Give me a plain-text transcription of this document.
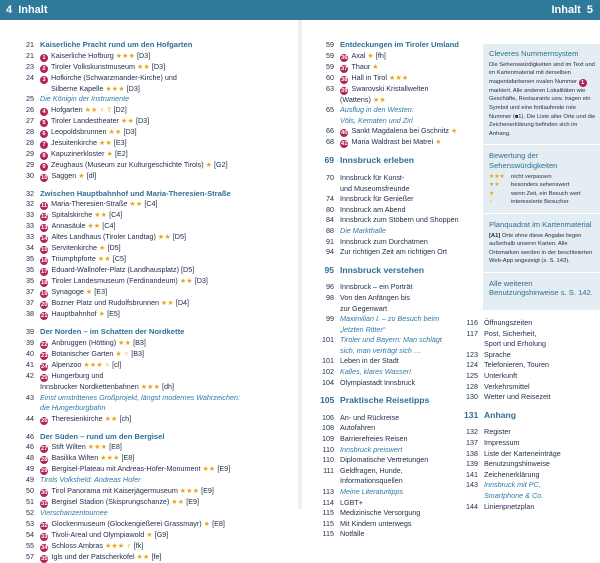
4 Inhalt	Inhalt 5
21 Kaiserliche Pracht rund um den Hofgarten
21	1 Kaiserliche Hofburg ★★★ [D3]
23	2 Tiroler Volkskunstmuseum ★★ [D3]
24	3 Hofkirche (Schwarzmander-Kirche) und
Silberne Kapelle ★★★ [D3]
25 Die Königin der Instrumente
26	4 Hofgarten ★★ ♀ ☦ [D2]
27	5 Tiroler Landestheater ★★ [D3]
28	6 Leopoldsbrunnen ★★ [D3]
28	7 Jesuitenkirche ★★ [E3]
29	8 Kapuzinerkloster ★ [E2]
29	9 Zeughaus (Museum zur Kulturgeschichte Tirols) ★ [G2]
30 10 Saggen ★ [dl]
32 Zwischen Hauptbahnhof und Maria-Theresien-Straße
32 11 Maria-Theresien-Straße ★★ [C4]
33 12 Spitalskirche ★★ [C4]
33 13 Annasäule ★★ [C4]
33 14 Altes Landhaus (Tiroler Landtag) ★★ [D5]
34 15 Servitenkirche ★ [D5]
35 16 Triumphpforte ★★ [C5]
35 17 Eduard-Wallnöfer-Platz (Landhausplatz) [D5]
35 18 Tiroler Landesmuseum (Ferdinandeum) ★★ [D3]
37 19 Synagoge ★ [E3]
37 20 Bozner Platz und Rudolfsbrunnen ★★ [D4]
38 21 Hauptbahnhof ★ [E5]
39 Der Norden – im Schatten der Nordkette
39 22 Anbruggen (Hötting) ★★ [B3]
40 23 Botanischer Garten ★ ♀ [B3]
41 24 Alpenzoo ★★★ ♀ [cl]
42 25 Hungerburg und
Innsbrucker Nordkettenbahnen ★★★ [dh]
43 Einst umstrittenes Großprojekt, längst modernes Wahrzeichen:
die Hungerburgbahn
44 26 Theresienkirche ★★ [ch]
46 Der Süden – rund um den Bergisel
46 27 Stift Wilten ★★★ [E8]
48 28 Basilika Wilten ★★★ [E8]
49 29 Bergisel-Plateau mit Andreas-Hofer-Monument ★★ [E9]
49 Tirols Volksheld: Andreas Hofer
50 30 Tirol Panorama mit Kaiserjägermuseum ★★★ [E9]
51 31 Bergisel Stadion (Skisprungschanze) ★★ [E9]
52 Vierschanzentournee
53 32 Glockenmuseum (Glockengießerei Grassmayr) ★ [E8]
54 33 Tivoli-Areal und Olympiawold ★ [G9]
55 34 Schloss Ambras ★★★ ♀ [fk]
57 35 Igls und der Patscherkofel ★★ [fe]
59 Entdeckungen im Tiroler Umland
59 36 Axal ★ [fh]
59 37 Thaur ★
60 38 Hall in Tirol ★★★
63 39 Swarovski Kristallwelten
(Wattens) ★★
65 Ausflug in den Westen:
Völs, Kematen und Zirl
66 40 Sankt Magdalena bei Gschnitz ★
68 41 Maria Waldrast bei Matrei ★
69 Innsbruck erleben
70 Innsbruck für Kunst-
und Museumsfreunde
74 Innsbruck für Genießer
80 Innsbruck am Abend
84 Innsbruck zum Stöbern und Shoppen
88 Die Markthalle
91 Innsbruck zum Durchatmen
94 Zur richtigen Zeit am richtigen Ort
95 Innsbruck verstehen
96 Innsbruck – ein Porträt
98 Von den Anfängen bis
zur Gegenwart
99 Maximilian I. – zu Besuch beim
„letzten Ritter“
101 Tiroler und Bayern: Man schlägt
sich, man verträgt sich …
101 Leben in der Stadt
102 Kalles, klares Wasser!
104 Olympiastadt Innsbruck
105 Praktische Reisetipps
106 An- und Rückreise
108 Autofahren
109 Barrierefreies Reisen
110 Innsbruck preiswert
110 Diplomatische Vertretungen
111 Geldfragen, Hunde,
Informationsquellen
113 Meine Literaturtipps
114 LGBT+
115 Medizinische Versorgung
115 Mit Kindern unterwegs
115 Notfälle
116 Öffnungszeiten
117 Post, Sicherheit,
Sport und Erholung
123 Sprache
124 Telefonieren, Touren
125 Unterkunft
128 Verkehrsmittel
130 Wetter und Reisezeit
131 Anhang
132 Register
137 Impressum
138 Liste der Karteneinträge
139 Benutzungshinweise
141 Zeichenerklärung
143 Innsbruck mit PC,
Smartphone & Co.
144 Linienpnetzplan
Cleveres Nummernsystem
Die Sehenswürdigkeiten sind im Text und im Kartenmaterial mit derselben magentafarbenen ovalen Nummer 1 markiert. Alle anderen Lokalitäten wie Geschäfte, Restaurants usw. tragen ein Symbol und eine fortlaufende rote Nummer (■1). Die Liste aller Orte und die Zeichenerklärung befinden sich im Anhang.
Bewertung der Sehenswürdigkeiten
★★★	nicht verpassen
★★	besonders sehenswert
★	wenn Zeit, ein Besuch wert
♀	interessierte Besucher
Planquadrat im Kartenmaterial
[A1] Orte ohne diese Angabe liegen außerhalb unserer Karten. Alle Ortsmarken werden in der beschleierten Web-App angezeigt (s. S. 143).
Alle weiteren Benutzungshinweise s. S. 142.
